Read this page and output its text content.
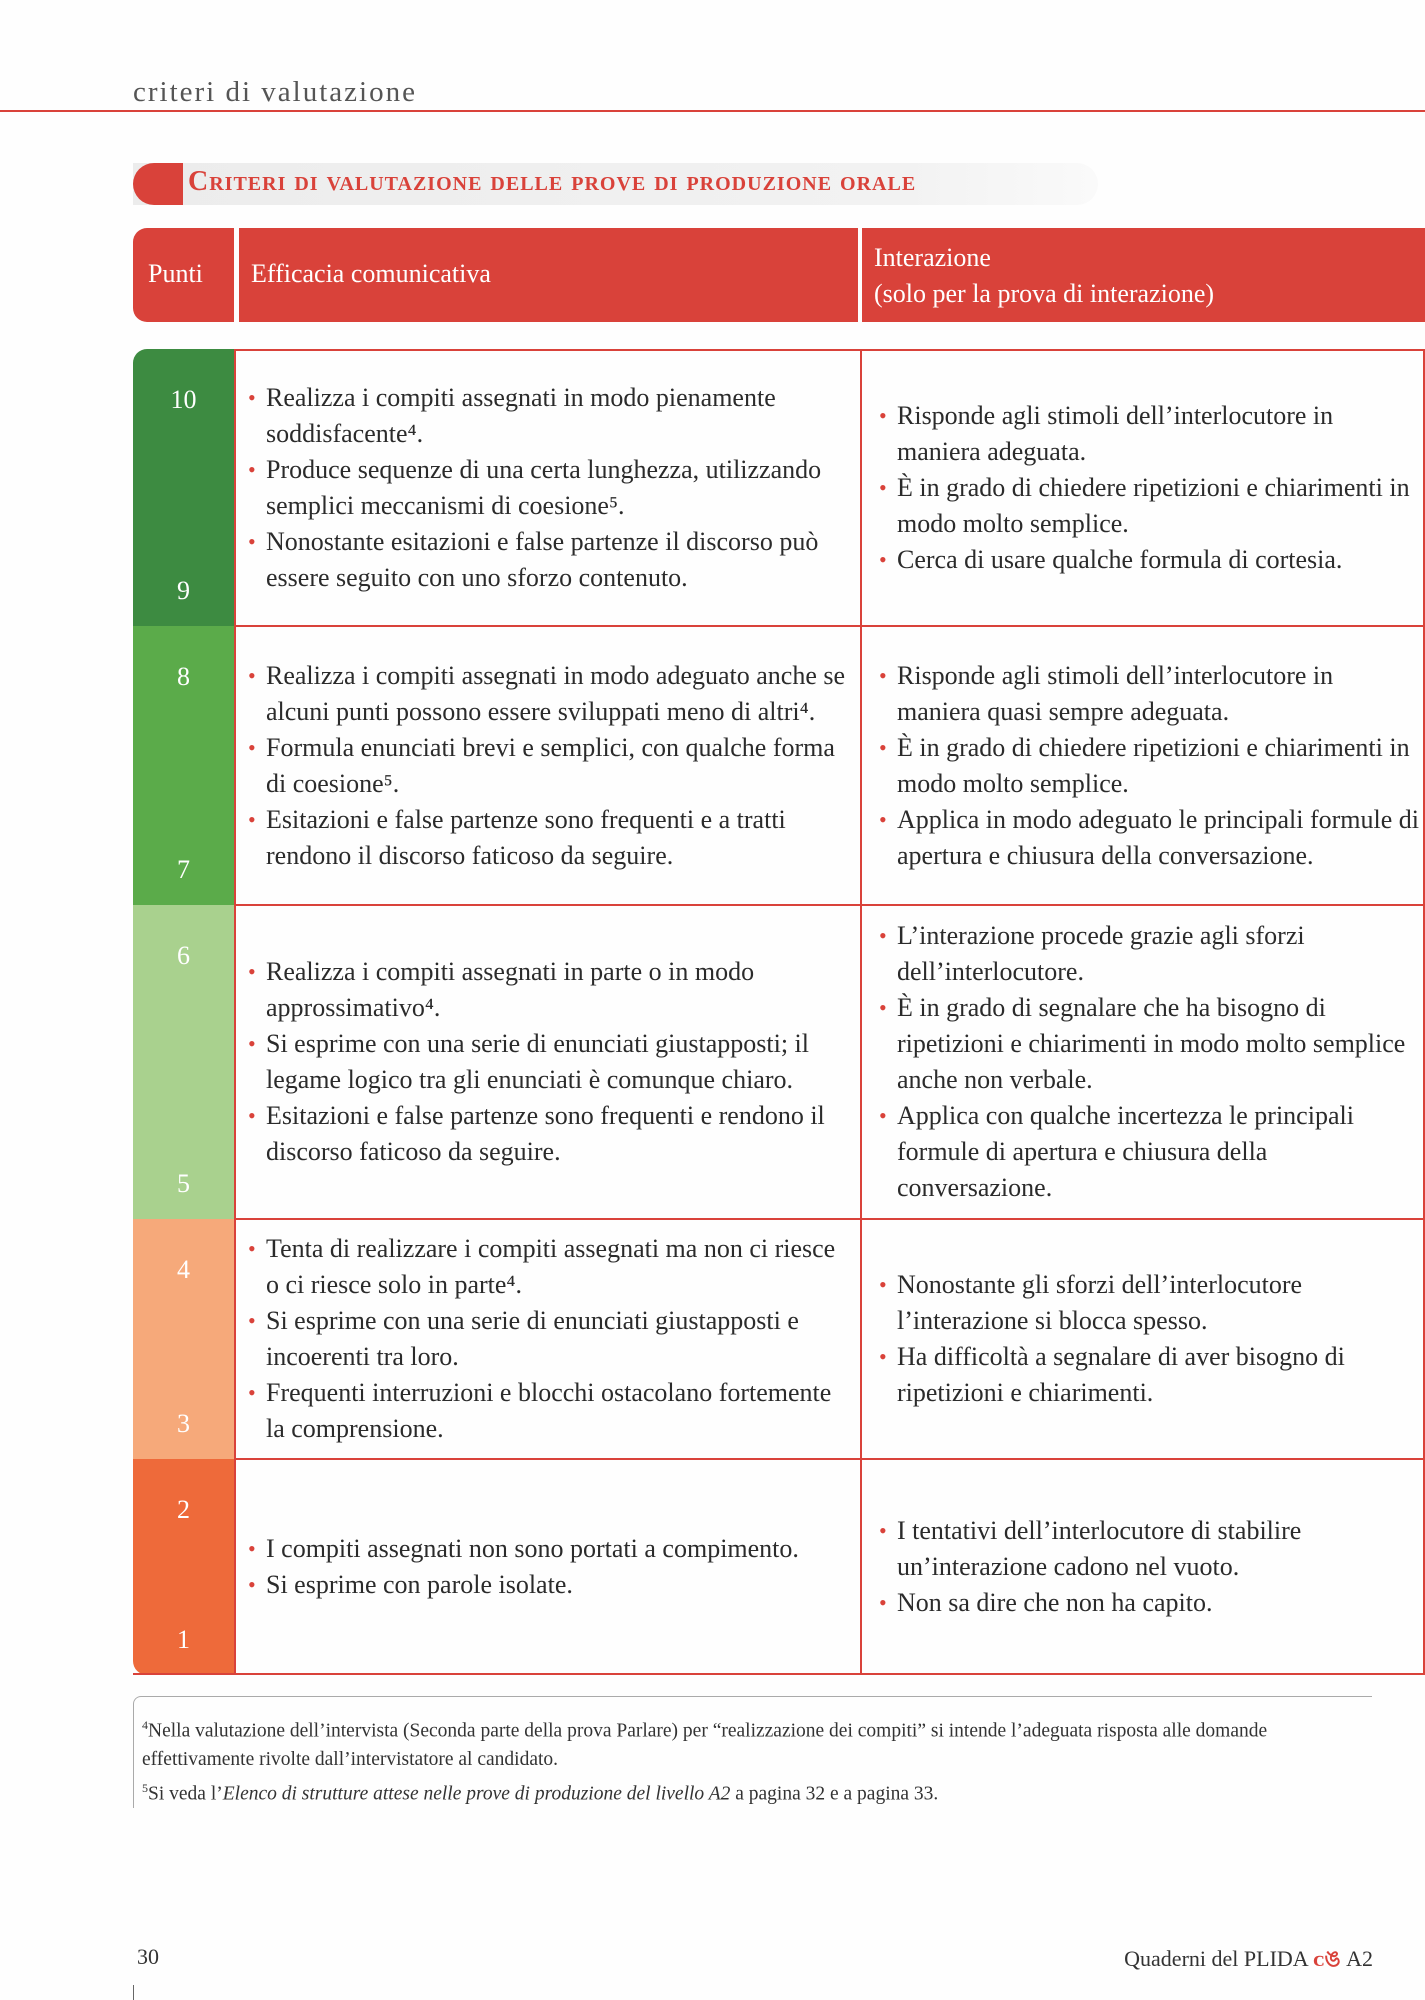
criteri di valutazione
Criteri di valutazione delle prove di produzione orale
Punti	Efficacia comunicativa
Interazione
(solo per la prova di interazione)
10
9
• Realizza i compiti assegnati in modo pienamente soddisfacente⁴.
• Produce sequenze di una certa lunghezza, utilizzando semplici meccanismi di coesione⁵.
• Nonostante esitazioni e false partenze il discorso può essere seguito con uno sforzo contenuto.
• Risponde agli stimoli dell’interlocutore in maniera adeguata.
• È in grado di chiedere ripetizioni e chiarimenti in modo molto semplice.
• Cerca di usare qualche formula di cortesia.
8
7
• Realizza i compiti assegnati in modo adeguato anche se alcuni punti possono essere sviluppati meno di altri⁴.
• Formula enunciati brevi e semplici, con qualche forma di coesione⁵.
• Esitazioni e false partenze sono frequenti e a tratti rendono il discorso faticoso da seguire.
• Risponde agli stimoli dell’interlocutore in maniera quasi sempre adeguata.
• È in grado di chiedere ripetizioni e chiarimenti in modo molto semplice.
• Applica in modo adeguato le principali formule di apertura e chiusura della conversazione.
6
5
• Realizza i compiti assegnati in parte o in modo approssimativo⁴.
• Si esprime con una serie di enunciati giustapposti; il legame logico tra gli enunciati è comunque chiaro.
• Esitazioni e false partenze sono frequenti e rendono il discorso faticoso da seguire.
• L’interazione procede grazie agli sforzi dell’interlocutore.
• È in grado di segnalare che ha bisogno di ripetizioni e chiarimenti in modo molto semplice anche non verbale.
• Applica con qualche incertezza le principali formule di apertura e chiusura della conversazione.
4
3
• Tenta di realizzare i compiti assegnati ma non ci riesce o ci riesce solo in parte⁴.
• Si esprime con una serie di enunciati giustapposti e incoerenti tra loro.
• Frequenti interruzioni e blocchi ostacolano fortemente la comprensione.
• Nonostante gli sforzi dell’interlocutore l’interazione si blocca spesso.
• Ha difficoltà a segnalare di aver bisogno di ripetizioni e chiarimenti.
2
1
• I compiti assegnati non sono portati a compimento.
• Si esprime con parole isolate.
• I tentativi dell’interlocutore di stabilire un’interazione cadono nel vuoto.
• Non sa dire che non ha capito.

$^4$Nella valutazione dell’intervista (Seconda parte della prova Parlare) per “realizzazione dei compiti” si intende l’adeguata risposta alle domande effettivamente rivolte dall’intervistatore al candidato.

$^5$Si veda l’Elenco di strutture attese nelle prove di produzione del livello A2 a pagina 32 e a pagina 33.

30	Quaderni del PLIDA ᴄঙ A2
